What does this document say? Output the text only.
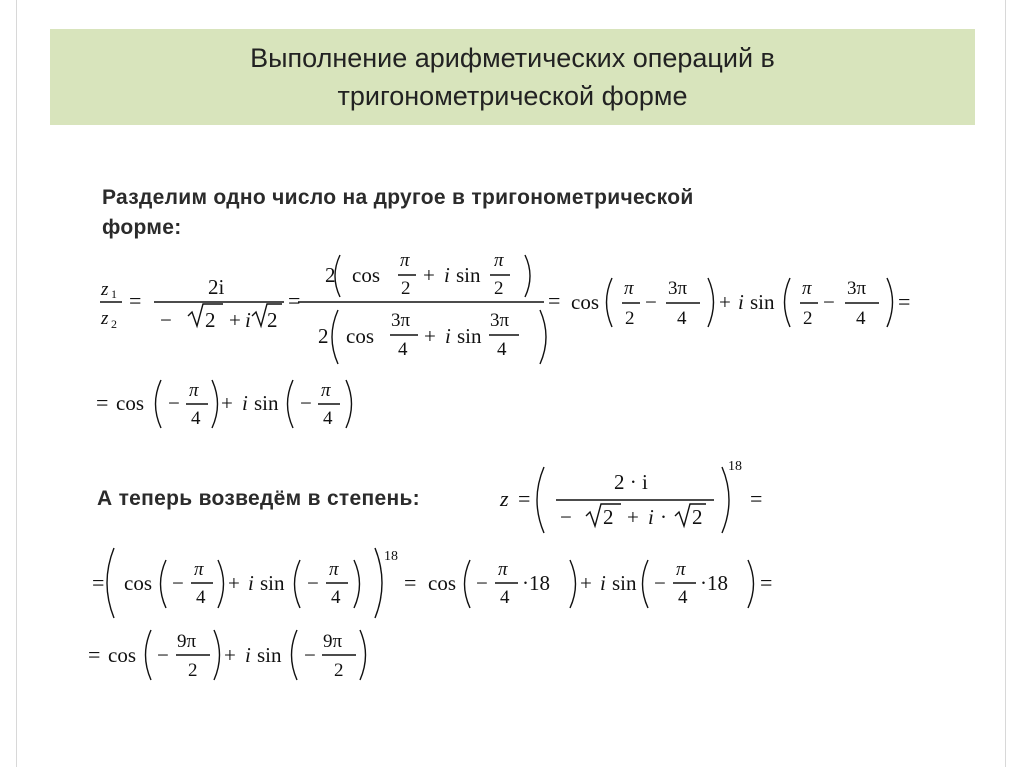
Выполнение арифметических операций в тригонометрической форме

Разделим одно число на другое в тригонометрической
форме:
А теперь возведём в степень:
z 1
z 2
=
2i
− 2 + i 2
=
2 cos
π
2
+ i sin
π
2
2 cos
3π
4
+ i sin
3π
4
= cos
π
2
−
3π
4
+ i sin
π
2
−
3π
4
=
= cos −
π
4
+ i sin −
π
4
z =
2 · i
− 2 + i · 2
18
=
= cos −
π
4
+ i sin −
π
4
18
= cos −
π
4
·18 + i sin −
π
4
·18 =
= cos −
9π
2
+ i sin −
9π
2
